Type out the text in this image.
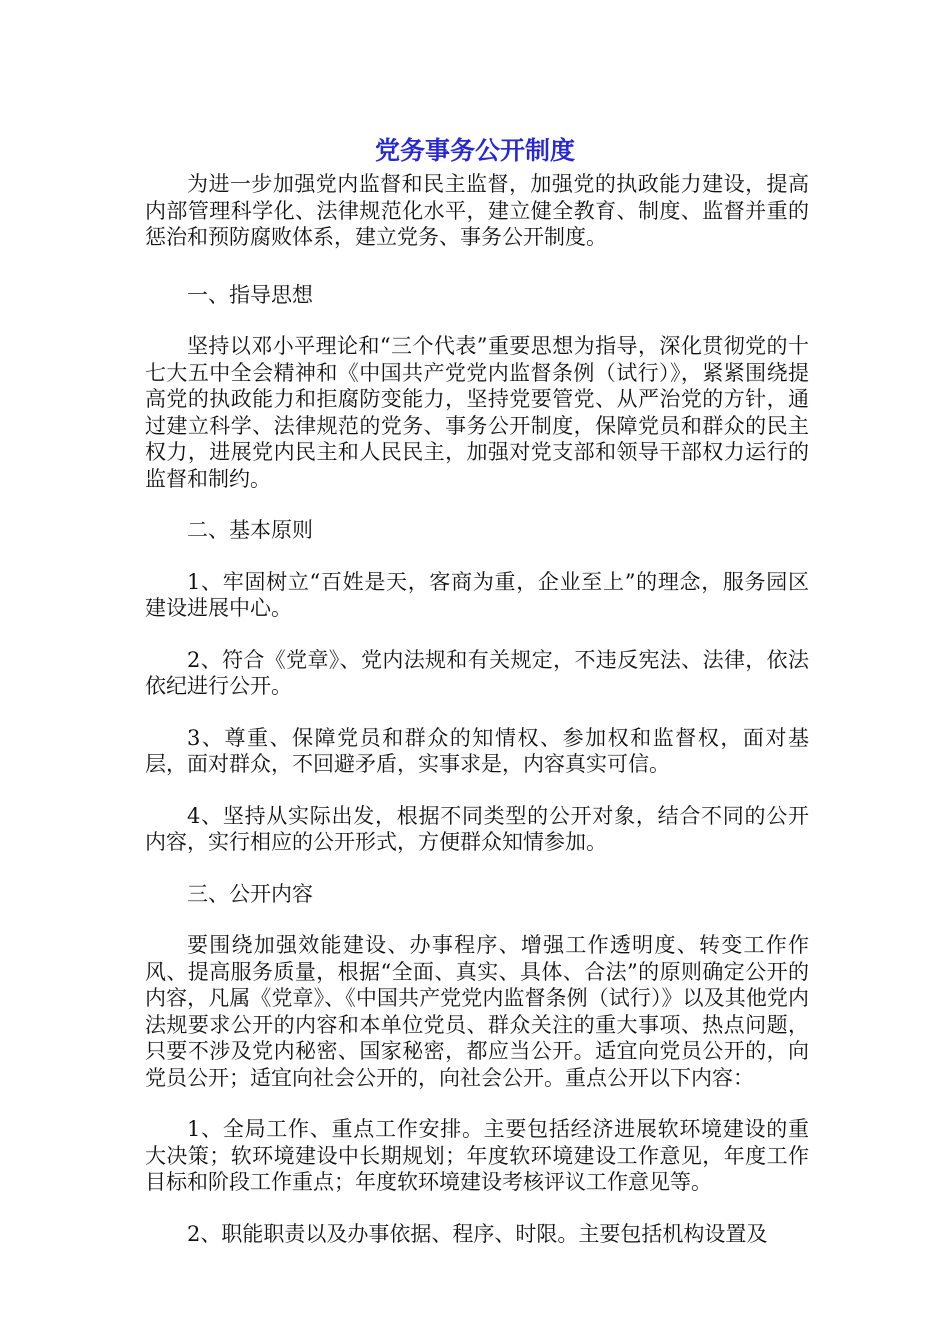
党务事务公开制度

为进一步加强党内监督和民主监督，加强党的执政能力建设，提高内部管理科学化、法律规范化水平，建立健全教育、制度、监督并重的惩治和预防腐败体系，建立党务、事务公开制度。

一、指导思想

坚持以邓小平理论和“三个代表”重要思想为指导，深化贯彻党的十七大五中全会精神和《中国共产党党内监督条例（试行）》，紧紧围绕提高党的执政能力和拒腐防变能力，坚持党要管党、从严治党的方针，通过建立科学、法律规范的党务、事务公开制度，保障党员和群众的民主权力，进展党内民主和人民民主，加强对党支部和领导干部权力运行的监督和制约。

二、基本原则

1、牢固树立“百姓是天，客商为重，企业至上”的理念，服务园区建设进展中心。

2、符合《党章》、党内法规和有关规定，不违反宪法、法律，依法依纪进行公开。

3、尊重、保障党员和群众的知情权、参加权和监督权，面对基层，面对群众，不回避矛盾，实事求是，内容真实可信。

4、坚持从实际出发，根据不同类型的公开对象，结合不同的公开内容，实行相应的公开形式，方便群众知情参加。

三、公开内容

要围绕加强效能建设、办事程序、增强工作透明度、转变工作作风、提高服务质量，根据“全面、真实、具体、合法”的原则确定公开的内容，凡属《党章》、《中国共产党党内监督条例（试行）》以及其他党内法规要求公开的内容和本单位党员、群众关注的重大事项、热点问题，只要不涉及党内秘密、国家秘密，都应当公开。适宜向党员公开的，向党员公开；适宜向社会公开的，向社会公开。重点公开以下内容：

1、全局工作、重点工作安排。主要包括经济进展软环境建设的重大决策；软环境建设中长期规划；年度软环境建设工作意见，年度工作目标和阶段工作重点；年度软环境建设考核评议工作意见等。

2、职能职责以及办事依据、程序、时限。主要包括机构设置及
